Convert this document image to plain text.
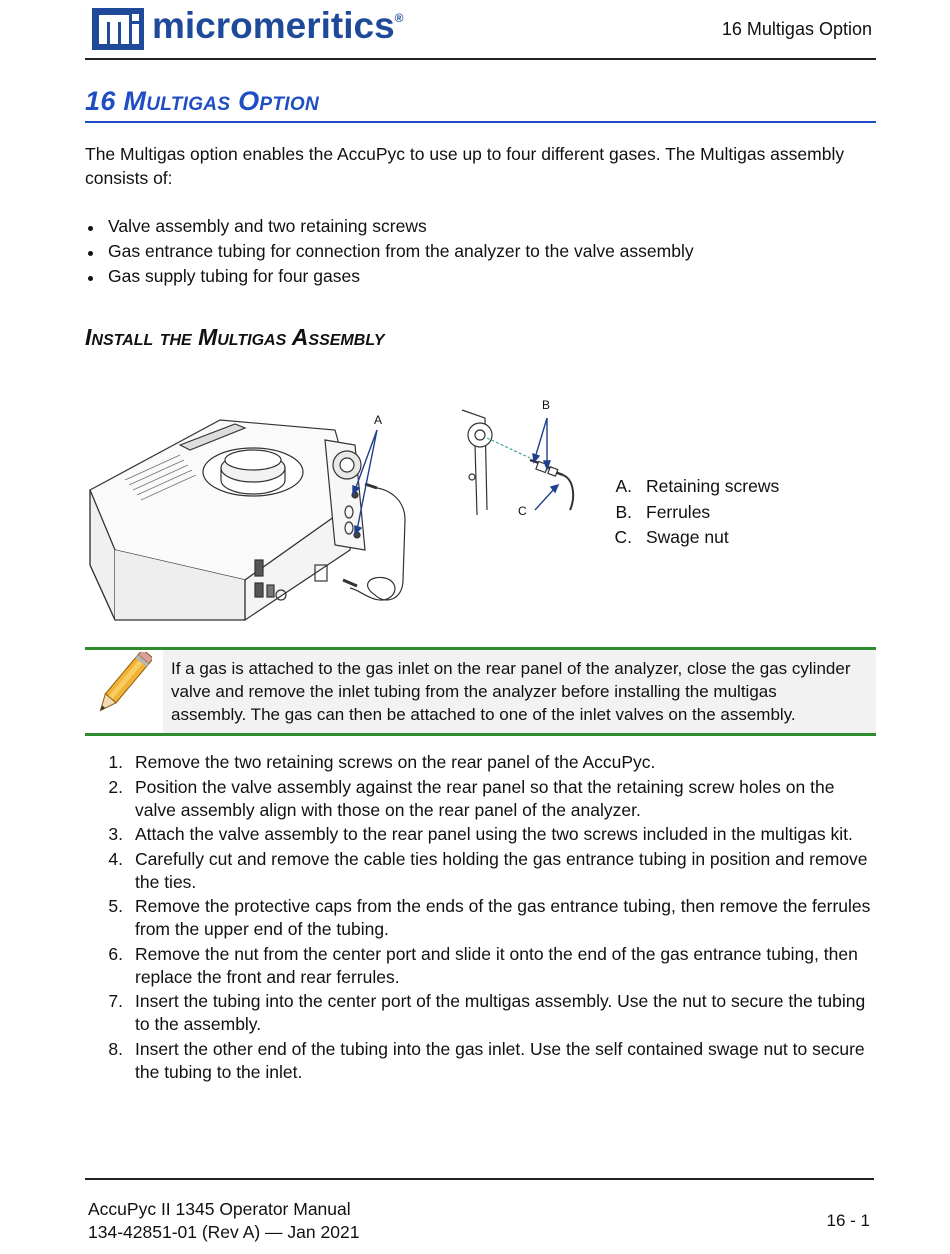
micromeritics®
16 Multigas Option
16 Multigas Option
The Multigas option enables the AccuPyc to use up to four different gases. The Multigas assembly consists of:
Valve assembly and two retaining screws
Gas entrance tubing for connection from the analyzer to the valve assembly
Gas supply tubing for four gases
Install the Multigas Assembly
A
B
C
A. Retaining screws
B. Ferrules
C. Swage nut
If a gas is attached to the gas inlet on the rear panel of the analyzer, close the gas cylinder valve and remove the inlet tubing from the analyzer before installing the multigas assembly. The gas can then be attached to one of the inlet valves on the assembly.
1. Remove the two retaining screws on the rear panel of the AccuPyc.
2. Position the valve assembly against the rear panel so that the retaining screw holes on the valve assembly align with those on the rear panel of the analyzer.
3. Attach the valve assembly to the rear panel using the two screws included in the multigas kit.
4. Carefully cut and remove the cable ties holding the gas entrance tubing in position and remove the ties.
5. Remove the protective caps from the ends of the gas entrance tubing, then remove the ferrules from the upper end of the tubing.
6. Remove the nut from the center port and slide it onto the end of the gas entrance tubing, then replace the front and rear ferrules.
7. Insert the tubing into the center port of the multigas assembly. Use the nut to secure the tubing to the assembly.
8. Insert the other end of the tubing into the gas inlet. Use the self contained swage nut to secure the tubing to the inlet.
AccuPyc II 1345 Operator Manual
134-42851-01 (Rev A) — Jan 2021
16 - 1
